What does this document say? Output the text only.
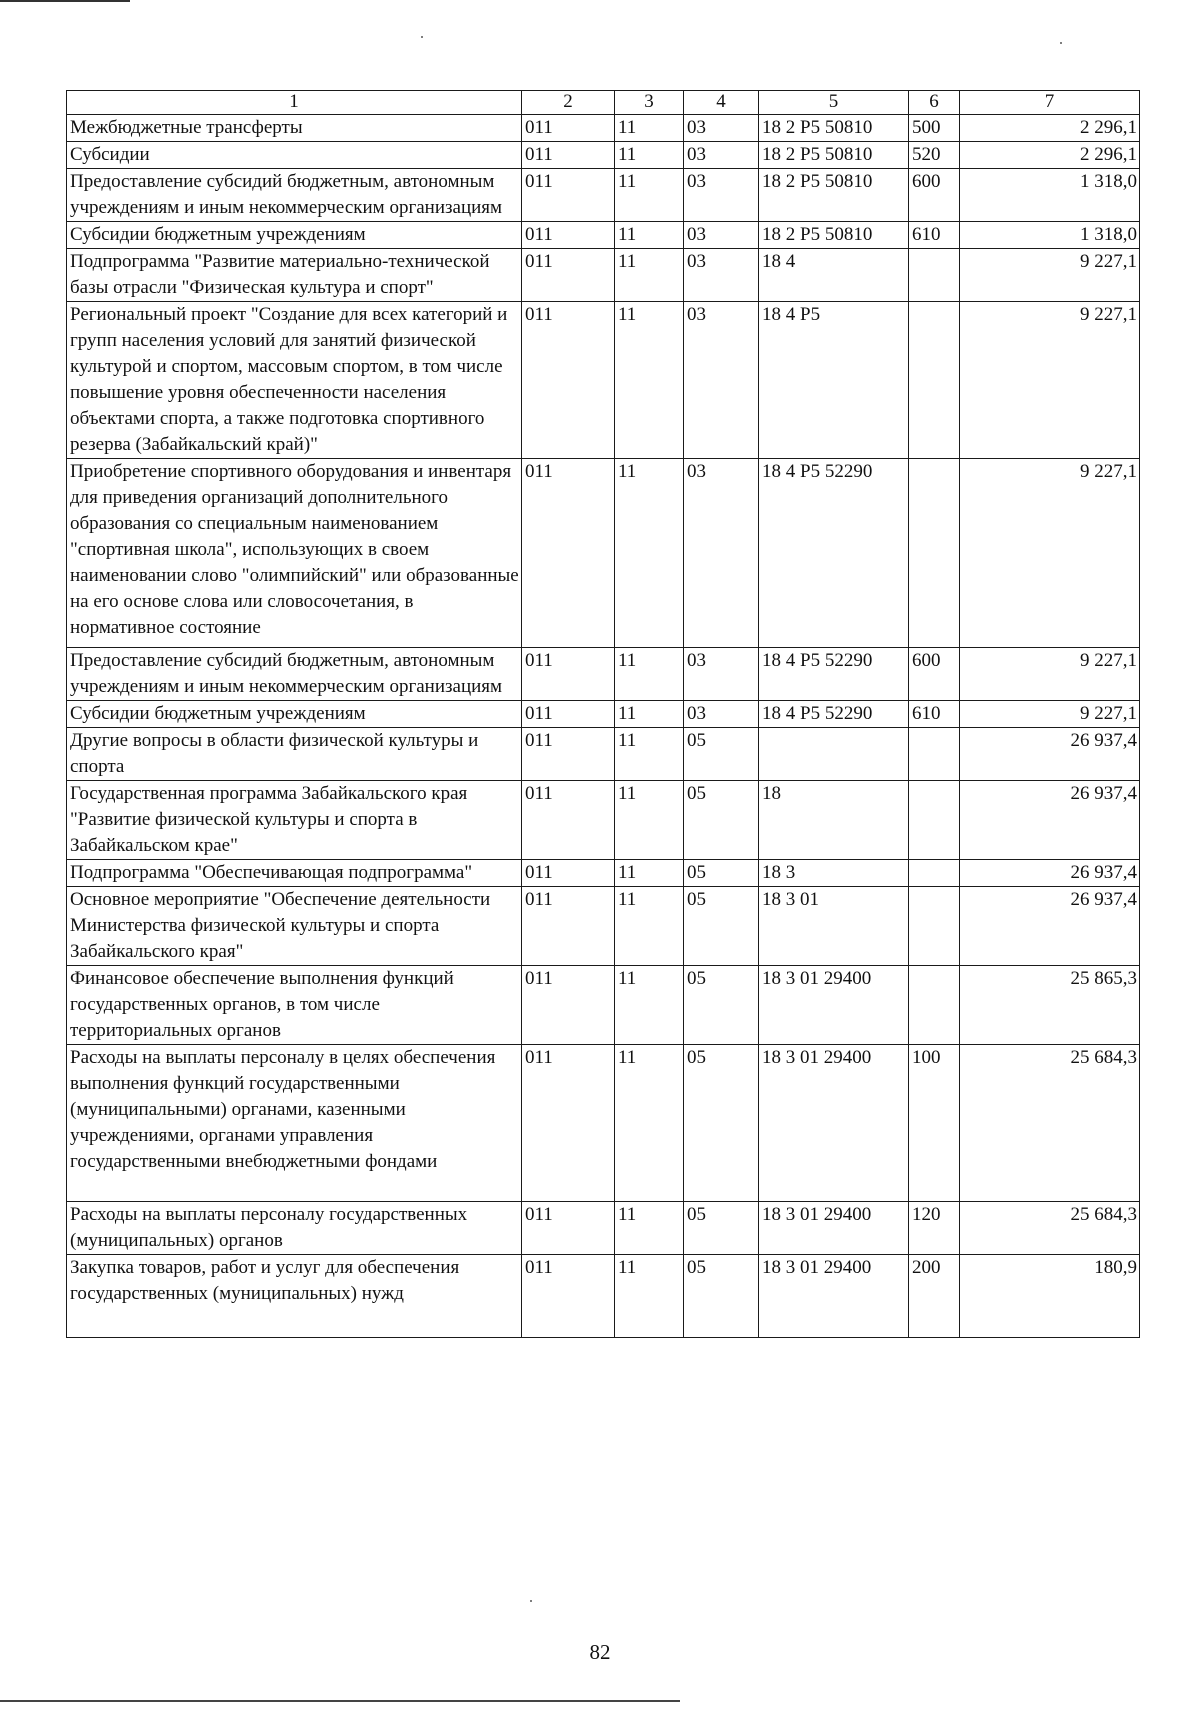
1	2	3	4	5	6	7
Межбюджетные трансферты	011	11	03	18 2 P5 50810	500	2 296,1
Субсидии	011	11	03	18 2 P5 50810	520	2 296,1
Предоставление субсидий бюджетным, автономным учреждениям и иным некоммерческим организациям	011	11	03	18 2 P5 50810	600	1 318,0
Субсидии бюджетным учреждениям	011	11	03	18 2 P5 50810	610	1 318,0
Подпрограмма "Развитие материально-технической базы отрасли "Физическая культура и спорт"	011	11	03	18 4		9 227,1
Региональный проект "Создание для всех категорий и групп населения условий для занятий физической культурой и спортом, массовым спортом, в том числе повышение уровня обеспеченности населения объектами спорта, а также подготовка спортивного резерва (Забайкальский край)"	011	11	03	18 4 P5		9 227,1
Приобретение спортивного оборудования и инвентаря для приведения организаций дополнительного образования со специальным наименованием "спортивная школа", использующих в своем наименовании слово "олимпийский" или образованные на его основе слова или словосочетания, в нормативное состояние	011	11	03	18 4 P5 52290		9 227,1
Предоставление субсидий бюджетным, автономным учреждениям и иным некоммерческим организациям	011	11	03	18 4 P5 52290	600	9 227,1
Субсидии бюджетным учреждениям	011	11	03	18 4 P5 52290	610	9 227,1
Другие вопросы в области физической культуры и спорта	011	11	05			26 937,4
Государственная программа Забайкальского края "Развитие физической культуры и спорта в Забайкальском крае"	011	11	05	18		26 937,4
Подпрограмма "Обеспечивающая подпрограмма"	011	11	05	18 3		26 937,4
Основное мероприятие "Обеспечение деятельности Министерства физической культуры и спорта Забайкальского края"	011	11	05	18 3 01		26 937,4
Финансовое обеспечение выполнения функций государственных органов, в том числе территориальных органов	011	11	05	18 3 01 29400		25 865,3
Расходы на выплаты персоналу в целях обеспечения выполнения функций государственными (муниципальными) органами, казенными учреждениями, органами управления государственными внебюджетными фондами	011	11	05	18 3 01 29400	100	25 684,3
Расходы на выплаты персоналу государственных (муниципальных) органов	011	11	05	18 3 01 29400	120	25 684,3
Закупка товаров, работ и услуг для обеспечения государственных (муниципальных) нужд	011	11	05	18 3 01 29400	200	180,9
82
